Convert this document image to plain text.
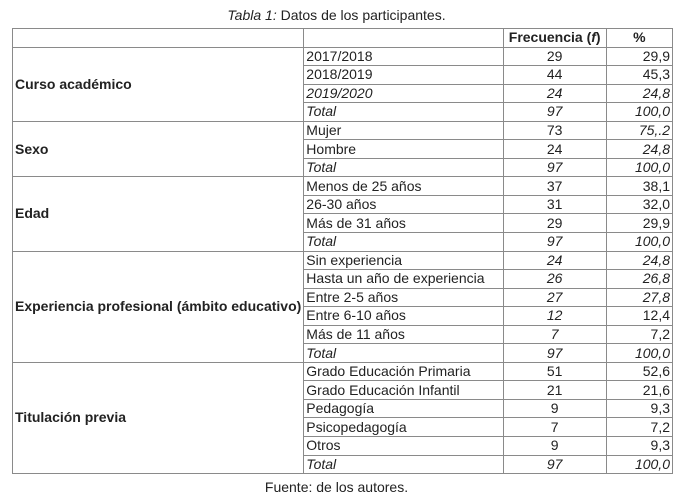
Tabla 1: Datos de los participantes.
		Frecuencia (f)	%
Curso académico	2017/2018	29	29,9
	2018/2019	44	45,3
	2019/2020	24	24,8
	Total	97	100,0
Sexo	Mujer	73	75,.2
	Hombre	24	24,8
	Total	97	100,0
Edad	Menos de 25 años	37	38,1
	26-30 años	31	32,0
	Más de 31 años	29	29,9
	Total	97	100,0
Experiencia profesional (ámbito educativo)	Sin experiencia	24	24,8
	Hasta un año de experiencia	26	26,8
	Entre 2-5 años	27	27,8
	Entre 6-10 años	12	12,4
	Más de 11 años	7	7,2
	Total	97	100,0
Titulación previa	Grado Educación Primaria	51	52,6
	Grado Educación Infantil	21	21,6
	Pedagogía	9	9,3
	Psicopedagogía	7	7,2
	Otros	9	9,3
	Total	97	100,0
Fuente: de los autores.
